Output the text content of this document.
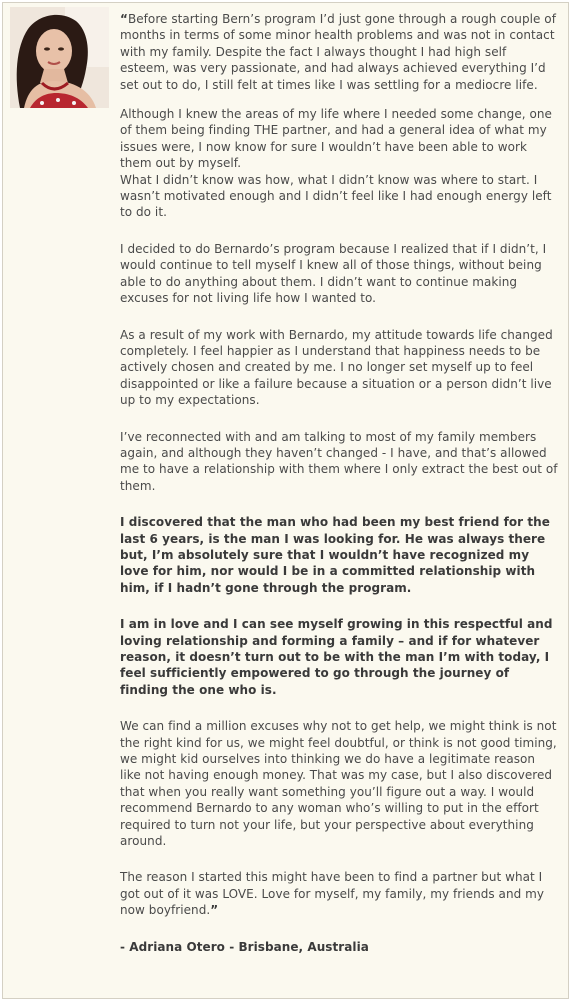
“Before starting Bern’s program I’d just gone through a rough couple of months in terms of some minor health problems and was not in contact with my family. Despite the fact I always thought I had high self esteem, was very passionate, and had always achieved everything I’d set out to do, I still felt at times like I was settling for a mediocre life.

Although I knew the areas of my life where I needed some change, one of them being finding THE partner, and had a general idea of what my issues were, I now know for sure I wouldn’t have been able to work them out by myself.

What I didn’t know was how, what I didn’t know was where to start. I wasn’t motivated enough and I didn’t feel like I had enough energy left to do it.

I decided to do Bernardo’s program because I realized that if I didn’t, I would continue to tell myself I knew all of those things, without being able to do anything about them. I didn’t want to continue making excuses for not living life how I wanted to.

As a result of my work with Bernardo, my attitude towards life changed completely. I feel happier as I understand that happiness needs to be actively chosen and created by me. I no longer set myself up to feel disappointed or like a failure because a situation or a person didn’t live up to my expectations.

I’ve reconnected with and am talking to most of my family members again, and although they haven’t changed - I have, and that’s allowed me to have a relationship with them where I only extract the best out of them.

I discovered that the man who had been my best friend for the last 6 years, is the man I was looking for. He was always there but, I’m absolutely sure that I wouldn’t have recognized my love for him, nor would I be in a committed relationship with him, if I hadn’t gone through the program.

I am in love and I can see myself growing in this respectful and loving relationship and forming a family – and if for whatever reason, it doesn’t turn out to be with the man I’m with today, I feel sufficiently empowered to go through the journey of finding the one who is.

We can find a million excuses why not to get help, we might think is not the right kind for us, we might feel doubtful, or think is not good timing, we might kid ourselves into thinking we do have a legitimate reason like not having enough money. That was my case, but I also discovered that when you really want something you’ll figure out a way. I would recommend Bernardo to any woman who’s willing to put in the effort required to turn not your life, but your perspective about everything around.

The reason I started this might have been to find a partner but what I got out of it was LOVE. Love for myself, my family, my friends and my now boyfriend.”

- Adriana Otero - Brisbane, Australia
